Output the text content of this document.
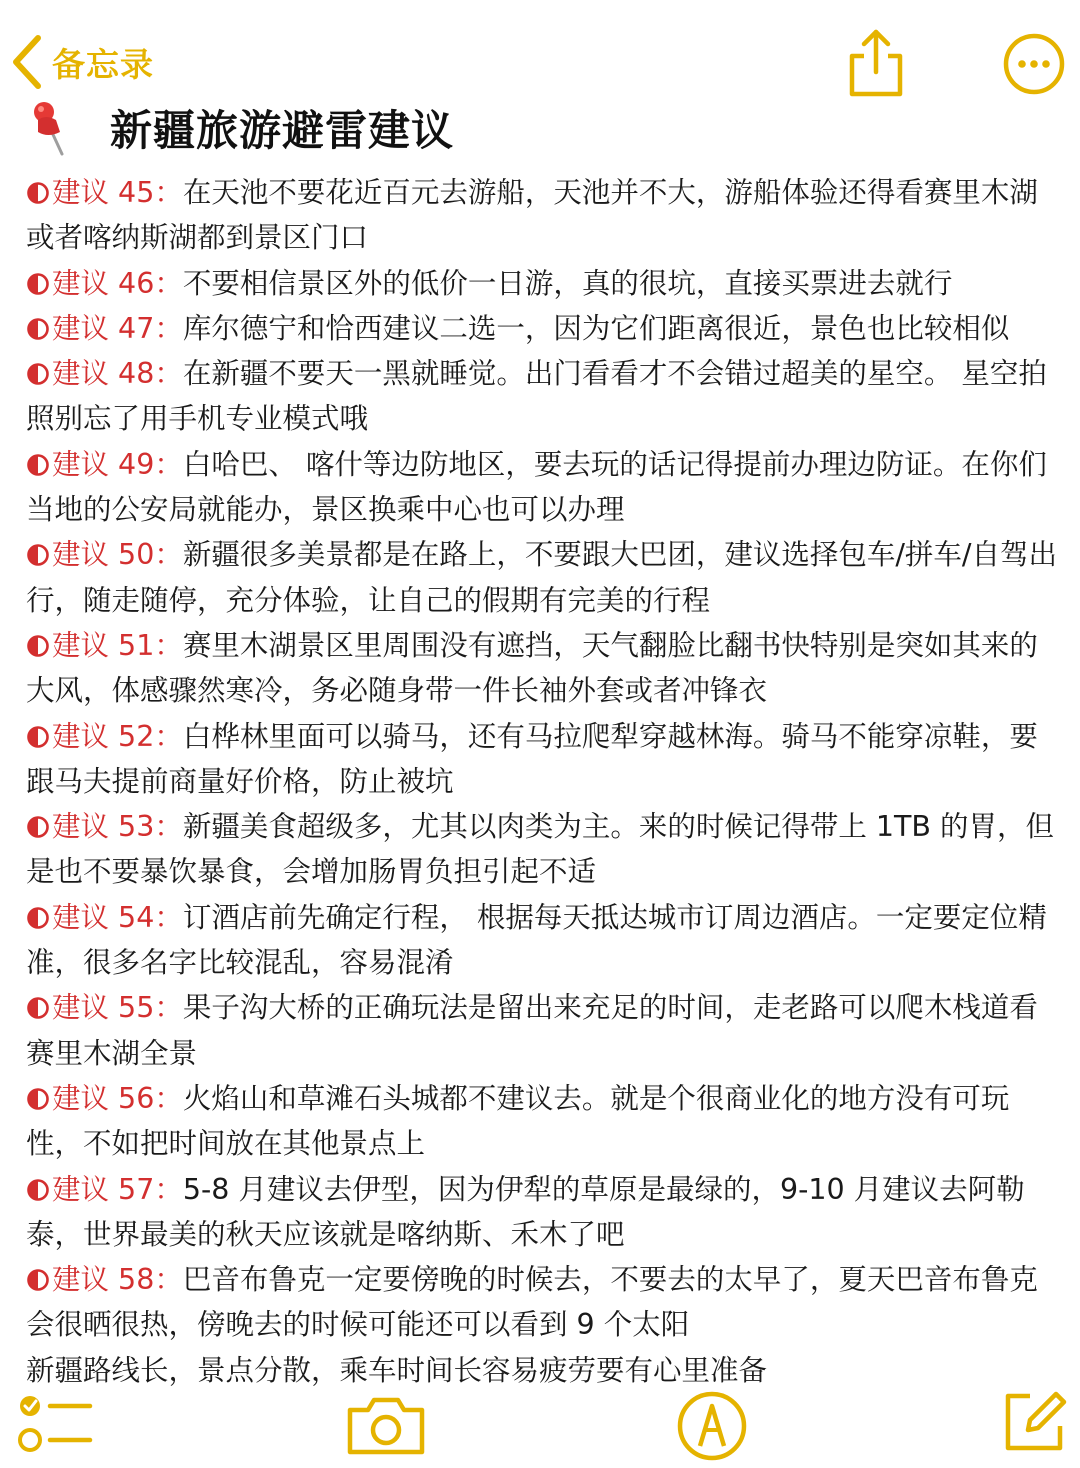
备忘录
新疆旅游避雷建议

建议 45：在天池不要花近百元去游船，天池并不大，游船体验还得看赛里木湖或者喀纳斯湖都到景区门口

建议 46：不要相信景区外的低价一日游，真的很坑，直接买票进去就行

建议 47：库尔德宁和恰西建议二选一，因为它们距离很近，景色也比较相似

建议 48：在新疆不要天一黑就睡觉。出门看看才不会错过超美的星空。 星空拍照别忘了用手机专业模式哦

建议 49：白哈巴、 喀什等边防地区，要去玩的话记得提前办理边防证。在你们当地的公安局就能办，景区换乘中心也可以办理

建议 50：新疆很多美景都是在路上，不要跟大巴团，建议选择包车/拼车/自驾出行，随走随停，充分体验，让自己的假期有完美的行程

建议 51：赛里木湖景区里周围没有遮挡，天气翻脸比翻书快特别是突如其来的大风，体感骤然寒冷，务必随身带一件长袖外套或者冲锋衣

建议 52：白桦林里面可以骑马，还有马拉爬犁穿越林海。骑马不能穿凉鞋，要跟马夫提前商量好价格，防止被坑

建议 53：新疆美食超级多，尤其以肉类为主。来的时候记得带上 1TB 的胃，但是也不要暴饮暴食，会增加肠胃负担引起不适

建议 54：订酒店前先确定行程， 根据每天抵达城市订周边酒店。一定要定位精准，很多名字比较混乱，容易混淆

建议 55：果子沟大桥的正确玩法是留出来充足的时间，走老路可以爬木栈道看赛里木湖全景

建议 56：火焰山和草滩石头城都不建议去。就是个很商业化的地方没有可玩性，不如把时间放在其他景点上

建议 57：5-8 月建议去伊型，因为伊犁的草原是最绿的，9-10 月建议去阿勒泰，世界最美的秋天应该就是喀纳斯、禾木了吧

建议 58：巴音布鲁克一定要傍晚的时候去，不要去的太早了，夏天巴音布鲁克会很晒很热，傍晚去的时候可能还可以看到 9 个太阳

新疆路线长，景点分散，乘车时间长容易疲劳要有心里准备
